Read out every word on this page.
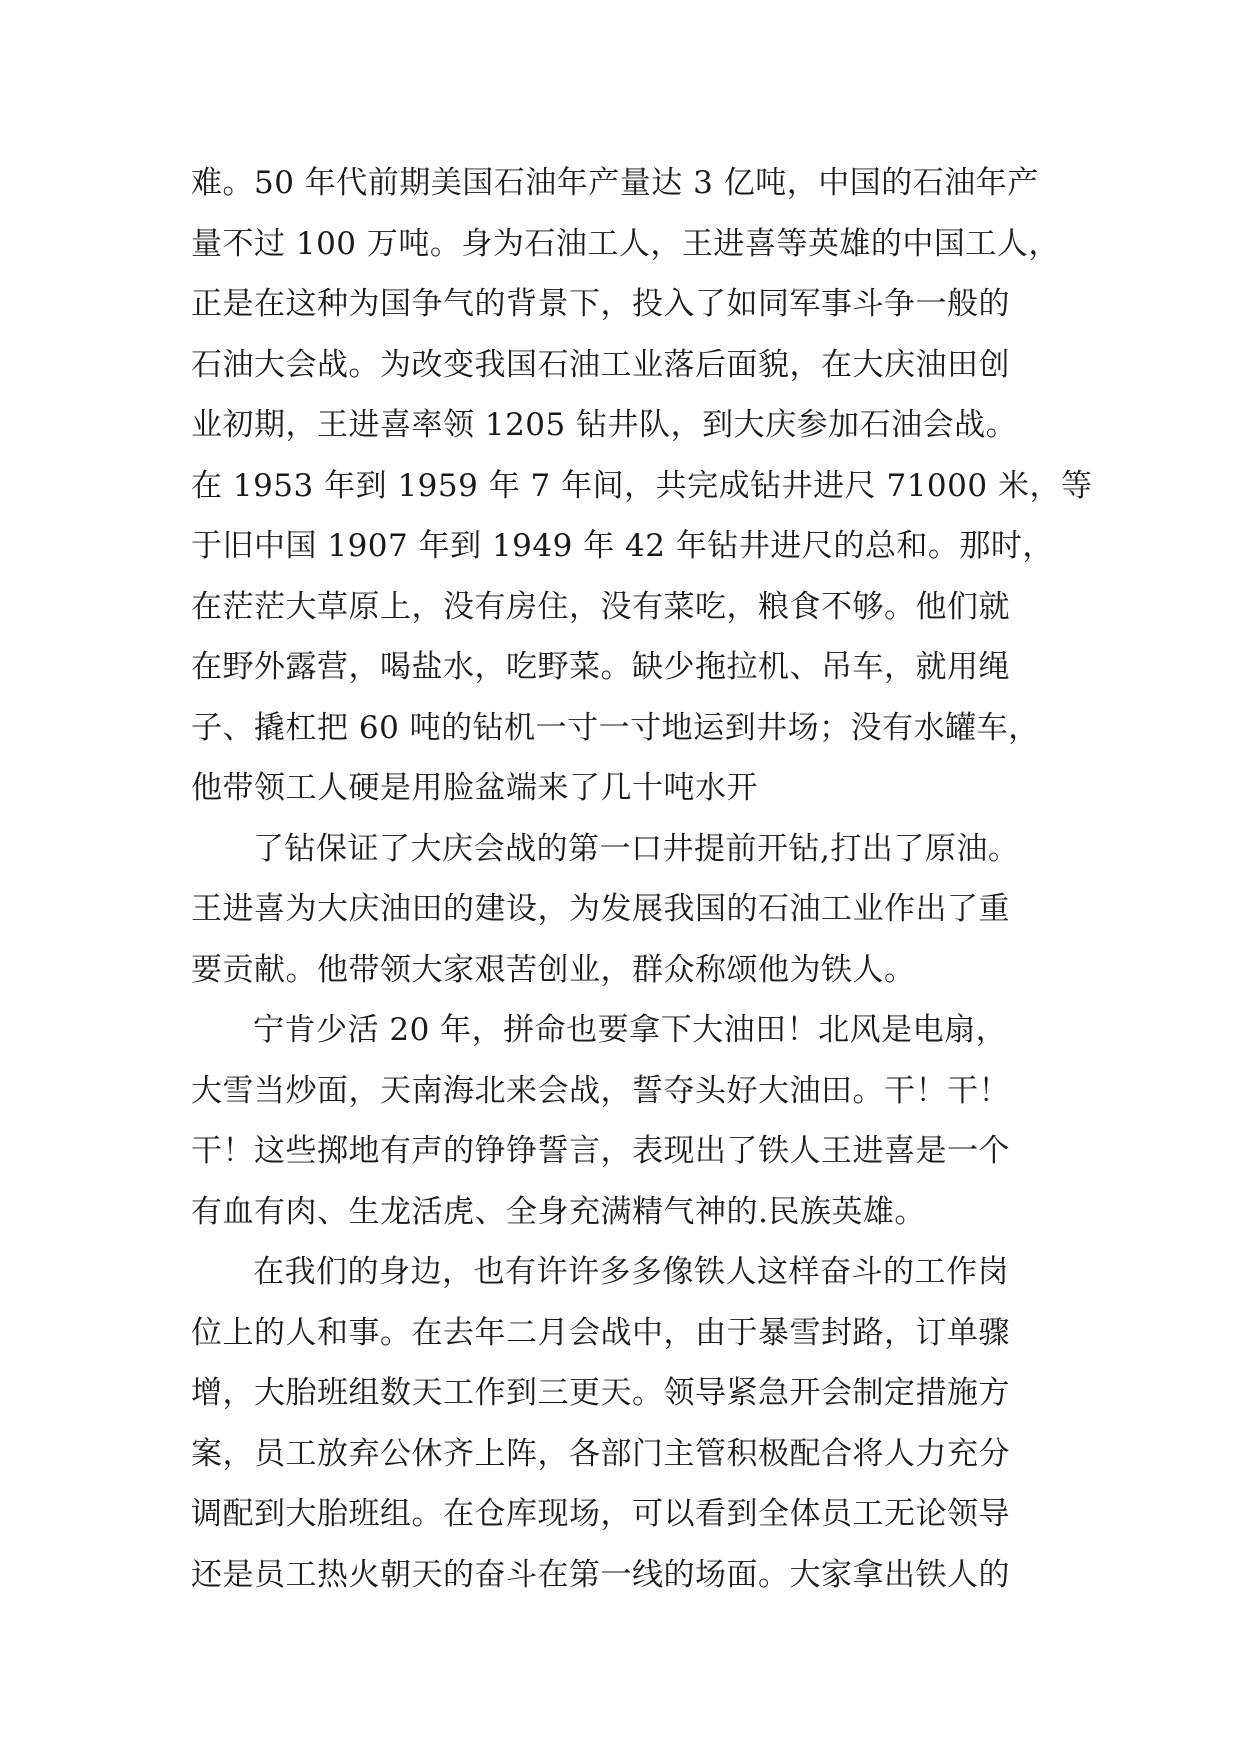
难。50 年代前期美国石油年产量达 3 亿吨，中国的石油年产
量不过 100 万吨。身为石油工人，王进喜等英雄的中国工人，
正是在这种为国争气的背景下，投入了如同军事斗争一般的
石油大会战。为改变我国石油工业落后面貌，在大庆油田创
业初期，王进喜率领 1205 钻井队，到大庆参加石油会战。
在 1953 年到 1959 年 7 年间，共完成钻井进尺 71000 米，等
于旧中国 1907 年到 1949 年 42 年钻井进尺的总和。那时，
在茫茫大草原上，没有房住，没有菜吃，粮食不够。他们就
在野外露营，喝盐水，吃野菜。缺少拖拉机、吊车，就用绳
子、撬杠把 60 吨的钻机一寸一寸地运到井场；没有水罐车，
他带领工人硬是用脸盆端来了几十吨水开
了钻保证了大庆会战的第一口井提前开钻,打出了原油。
王进喜为大庆油田的建设，为发展我国的石油工业作出了重
要贡献。他带领大家艰苦创业，群众称颂他为铁人。
宁肯少活 20 年，拼命也要拿下大油田！北风是电扇，
大雪当炒面，天南海北来会战，誓夺头好大油田。干！干！
干！这些掷地有声的铮铮誓言，表现出了铁人王进喜是一个
有血有肉、生龙活虎、全身充满精气神的.民族英雄。
在我们的身边，也有许许多多像铁人这样奋斗的工作岗
位上的人和事。在去年二月会战中，由于暴雪封路，订单骤
增，大胎班组数天工作到三更天。领导紧急开会制定措施方
案，员工放弃公休齐上阵，各部门主管积极配合将人力充分
调配到大胎班组。在仓库现场，可以看到全体员工无论领导
还是员工热火朝天的奋斗在第一线的场面。大家拿出铁人的
